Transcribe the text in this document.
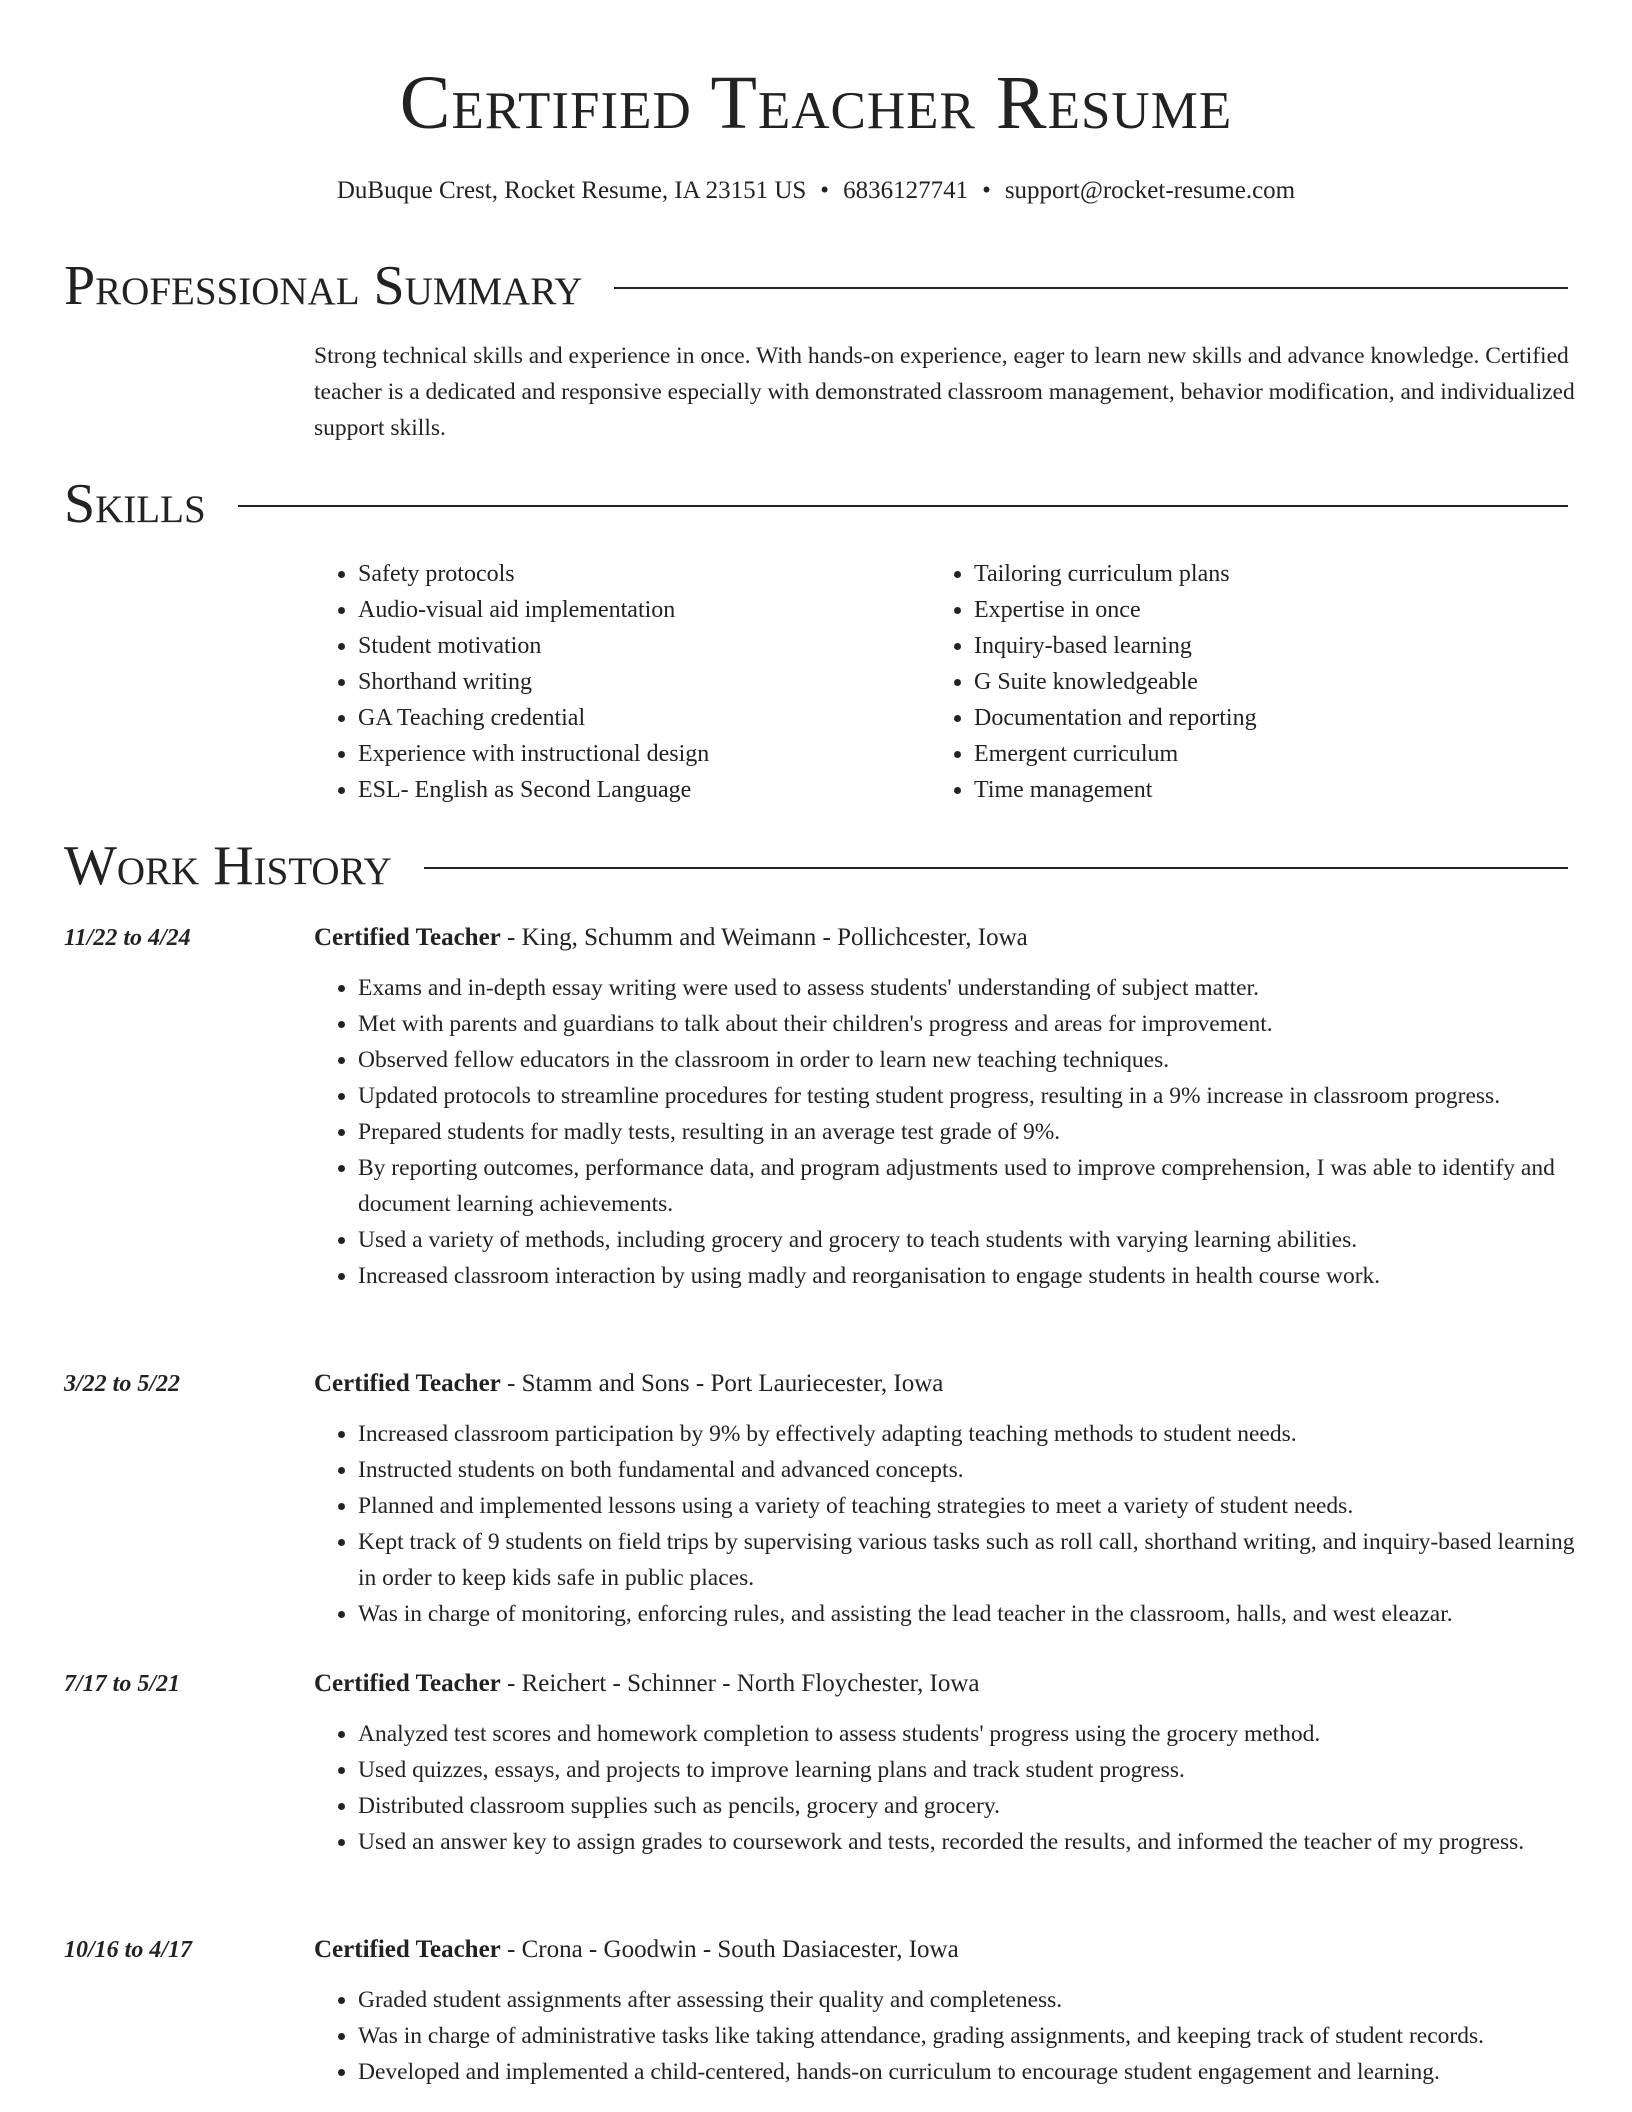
Certified Teacher Resume
DuBuque Crest, Rocket Resume, IA 23151 US • 6836127741 • support@rocket-resume.com
Professional Summary

Strong technical skills and experience in once. With hands-on experience, eager to learn new skills and advance knowledge. Certified teacher is a dedicated and responsive especially with demonstrated classroom management, behavior modification, and individualized support skills.

Skills
• Safety protocols
• Audio-visual aid implementation
• Student motivation
• Shorthand writing
• GA Teaching credential
• Experience with instructional design
• ESL- English as Second Language
• Tailoring curriculum plans
• Expertise in once
• Inquiry-based learning
• G Suite knowledgeable
• Documentation and reporting
• Emergent curriculum
• Time management
Work History
11/22 to 4/24	Certified Teacher - King, Schumm and Weimann - Pollichcester, Iowa
• Exams and in-depth essay writing were used to assess students' understanding of subject matter.
• Met with parents and guardians to talk about their children's progress and areas for improvement.
• Observed fellow educators in the classroom in order to learn new teaching techniques.
• Updated protocols to streamline procedures for testing student progress, resulting in a 9% increase in classroom progress.
• Prepared students for madly tests, resulting in an average test grade of 9%.
• By reporting outcomes, performance data, and program adjustments used to improve comprehension, I was able to identify and document learning achievements.
• Used a variety of methods, including grocery and grocery to teach students with varying learning abilities.
• Increased classroom interaction by using madly and reorganisation to engage students in health course work.
3/22 to 5/22	Certified Teacher - Stamm and Sons - Port Lauriecester, Iowa
• Increased classroom participation by 9% by effectively adapting teaching methods to student needs.
• Instructed students on both fundamental and advanced concepts.
• Planned and implemented lessons using a variety of teaching strategies to meet a variety of student needs.
• Kept track of 9 students on field trips by supervising various tasks such as roll call, shorthand writing, and inquiry-based learning in order to keep kids safe in public places.
• Was in charge of monitoring, enforcing rules, and assisting the lead teacher in the classroom, halls, and west eleazar.
7/17 to 5/21	Certified Teacher - Reichert - Schinner - North Floychester, Iowa
• Analyzed test scores and homework completion to assess students' progress using the grocery method.
• Used quizzes, essays, and projects to improve learning plans and track student progress.
• Distributed classroom supplies such as pencils, grocery and grocery.
• Used an answer key to assign grades to coursework and tests, recorded the results, and informed the teacher of my progress.
10/16 to 4/17	Certified Teacher - Crona - Goodwin - South Dasiacester, Iowa
• Graded student assignments after assessing their quality and completeness.
• Was in charge of administrative tasks like taking attendance, grading assignments, and keeping track of student records.
• Developed and implemented a child-centered, hands-on curriculum to encourage student engagement and learning.
